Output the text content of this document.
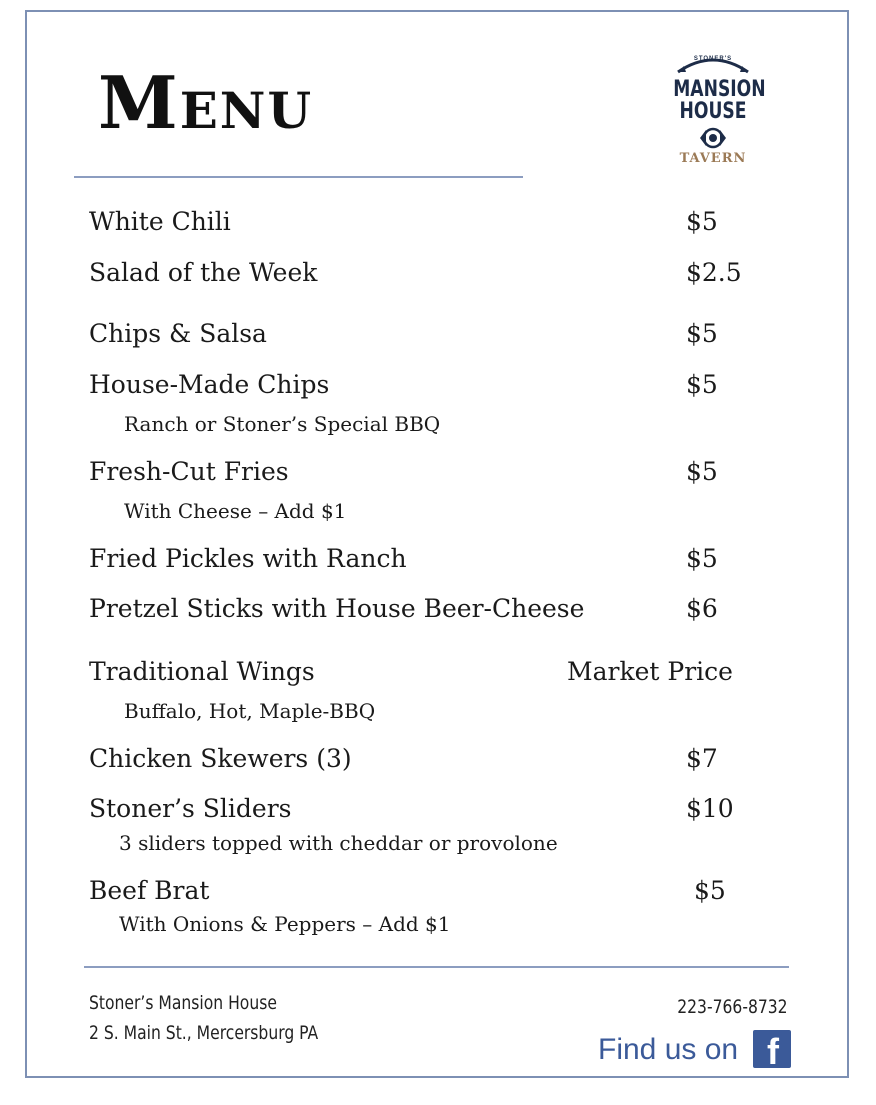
Menu
STONER'S
MANSION
HOUSE
TAVERN
White Chili	$5
Salad of the Week	$2.5
Chips & Salsa	$5
House-Made Chips	$5
Ranch or Stoner’s Special BBQ
Fresh-Cut Fries	$5
With Cheese – Add $1
Fried Pickles with Ranch	$5
Pretzel Sticks with House Beer-Cheese	$6
Traditional Wings	Market Price
Buffalo, Hot, Maple-BBQ
Chicken Skewers (3)	$7
Stoner’s Sliders	$10
3 sliders topped with cheddar or provolone
Beef Brat	$5
With Onions & Peppers – Add $1
Stoner’s Mansion House
2 S. Main St., Mercersburg PA
223-766-8732
Find us on f
